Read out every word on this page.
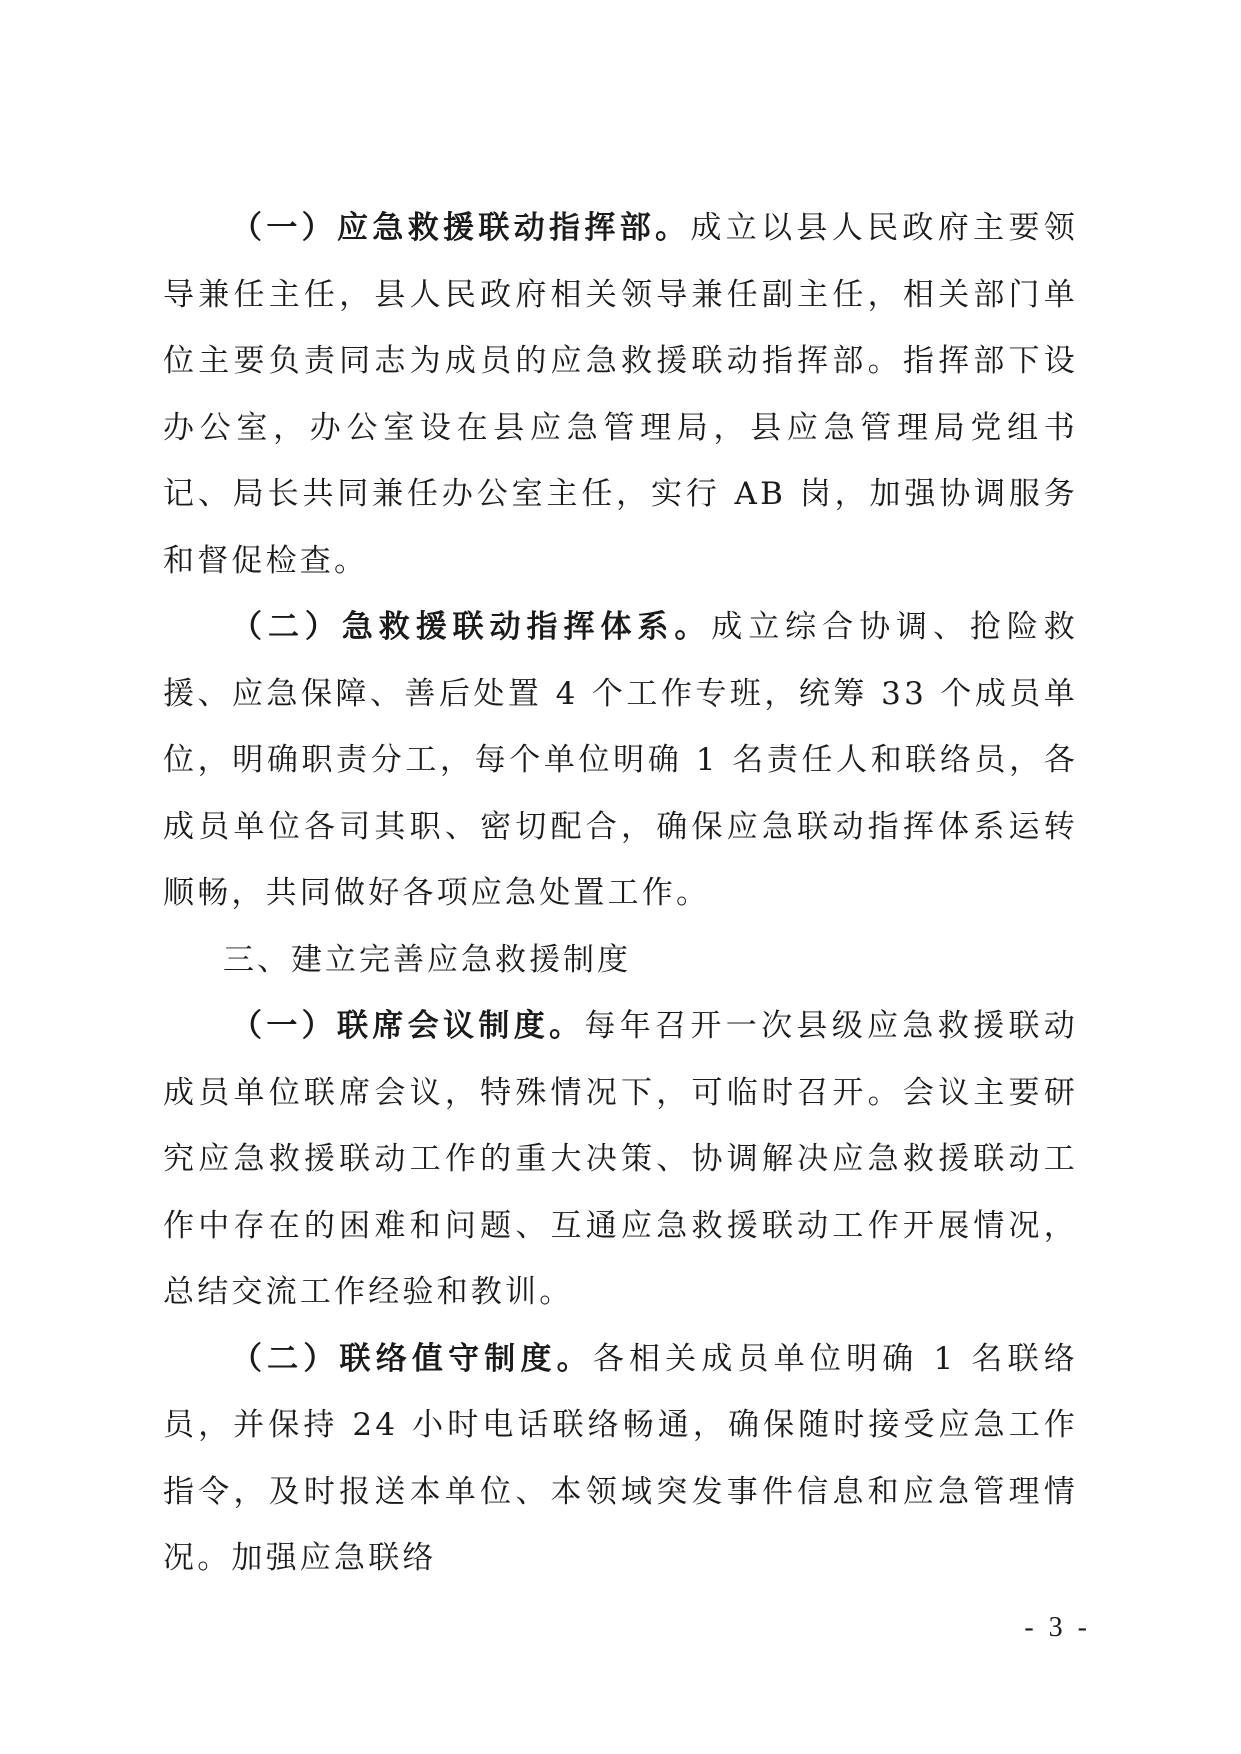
（一）应急救援联动指挥部。成立以县人民政府主要领导兼任主任，县人民政府相关领导兼任副主任，相关部门单位主要负责同志为成员的应急救援联动指挥部。指挥部下设办公室，办公室设在县应急管理局，县应急管理局党组书记、局长共同兼任办公室主任，实行 AB 岗，加强协调服务和督促检查。

（二）急救援联动指挥体系。成立综合协调、抢险救援、应急保障、善后处置 4 个工作专班，统筹 33 个成员单位，明确职责分工，每个单位明确 1 名责任人和联络员，各成员单位各司其职、密切配合，确保应急联动指挥体系运转顺畅，共同做好各项应急处置工作。

三、建立完善应急救援制度

（一）联席会议制度。每年召开一次县级应急救援联动成员单位联席会议，特殊情况下，可临时召开。会议主要研究应急救援联动工作的重大决策、协调解决应急救援联动工作中存在的困难和问题、互通应急救援联动工作开展情况，总结交流工作经验和教训。

（二）联络值守制度。各相关成员单位明确 1 名联络员，并保持 24 小时电话联络畅通，确保随时接受应急工作指令，及时报送本单位、本领域突发事件信息和应急管理情况。加强应急联络

- 3 -
